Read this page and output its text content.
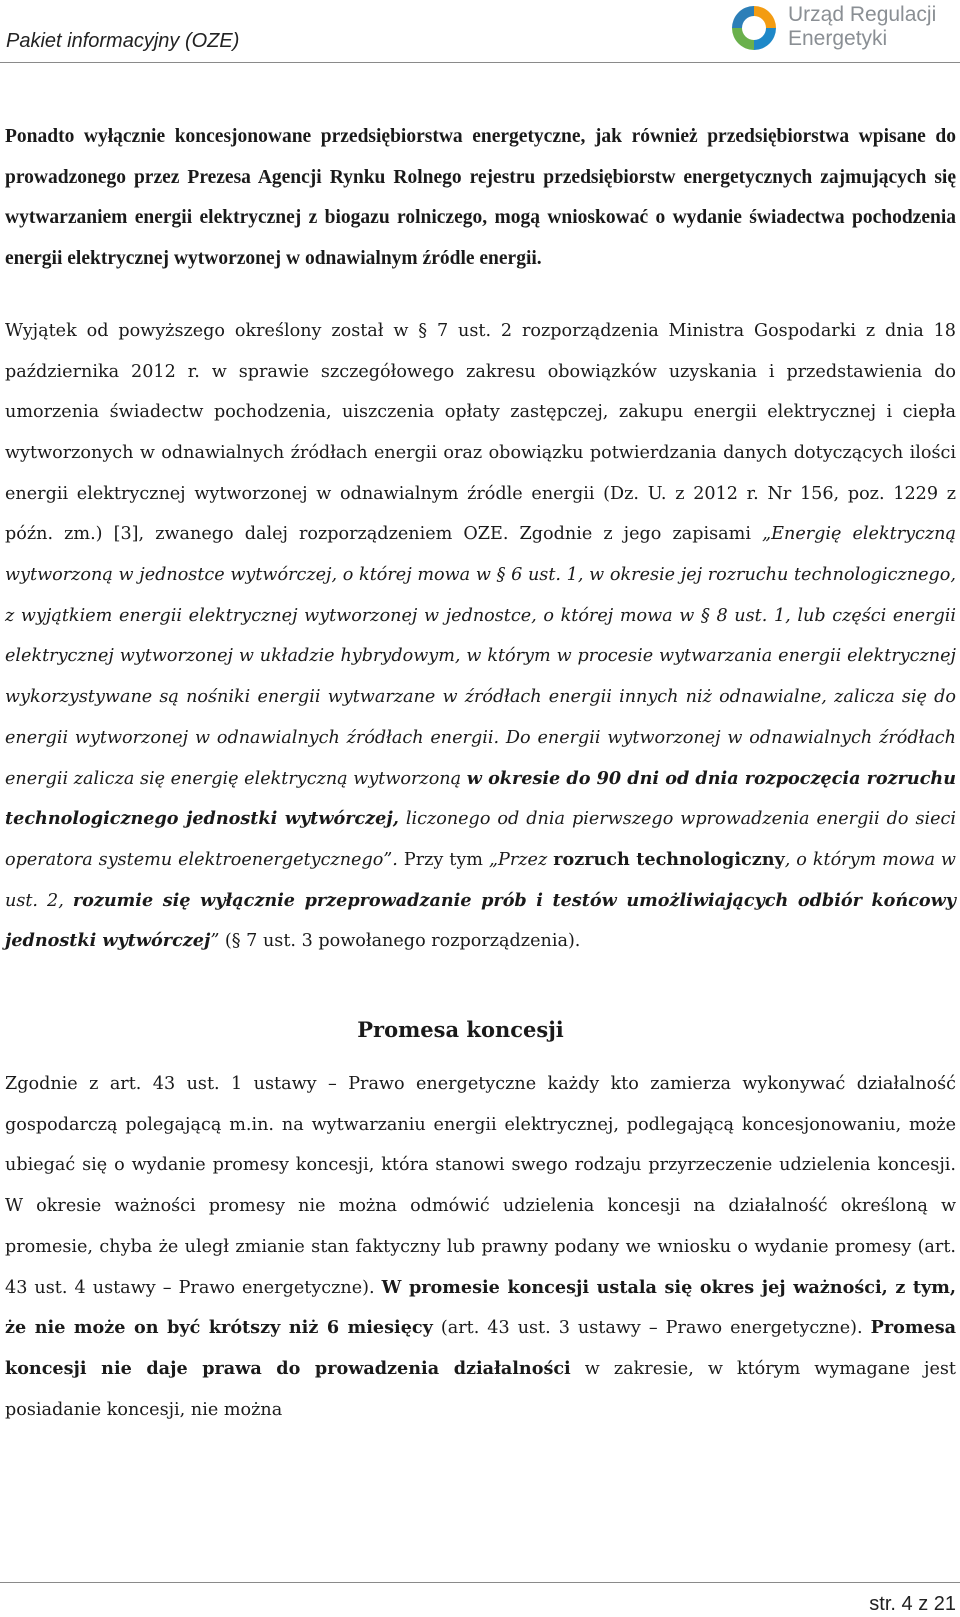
Pakiet informacyjny (OZE)
Urząd Regulacji
Energetyki

Ponadto wyłącznie koncesjonowane przedsiębiorstwa energetyczne, jak również przedsiębiorstwa wpisane do prowadzonego przez Prezesa Agencji Rynku Rolnego rejestru przedsiębiorstw energetycznych zajmujących się wytwarzaniem energii elektrycznej z biogazu rolniczego, mogą wnioskować o wydanie świadectwa pochodzenia energii elektrycznej wytworzonej w odnawialnym źródle energii.

Wyjątek od powyższego określony został w § 7 ust. 2 rozporządzenia Ministra Gospodarki z dnia 18 października 2012 r. w sprawie szczegółowego zakresu obowiązków uzyskania i przedstawienia do umorzenia świadectw pochodzenia, uiszczenia opłaty zastępczej, zakupu energii elektrycznej i ciepła wytworzonych w odnawialnych źródłach energii oraz obowiązku potwierdzania danych dotyczących ilości energii elektrycznej wytworzonej w odnawialnym źródle energii (Dz. U. z 2012 r. Nr 156, poz. 1229 z późn. zm.) [3], zwanego dalej rozporządzeniem OZE. Zgodnie z jego zapisami „Energię elektryczną wytworzoną w jednostce wytwórczej, o której mowa w § 6 ust. 1, w okresie jej rozruchu technologicznego, z wyjątkiem energii elektrycznej wytworzonej w jednostce, o której mowa w § 8 ust. 1, lub części energii elektrycznej wytworzonej w układzie hybrydowym, w którym w procesie wytwarzania energii elektrycznej wykorzystywane są nośniki energii wytwarzane w źródłach energii innych niż odnawialne, zalicza się do energii wytworzonej w odnawialnych źródłach energii. Do energii wytworzonej w odnawialnych źródłach energii zalicza się energię elektryczną wytworzoną w okresie do 90 dni od dnia rozpoczęcia rozruchu technologicznego jednostki wytwórczej, liczonego od dnia pierwszego wprowadzenia energii do sieci operatora systemu elektroenergetycznego”. Przy tym „Przez rozruch technologiczny, o którym mowa w ust. 2, rozumie się wyłącznie przeprowadzanie prób i testów umożliwiających odbiór końcowy jednostki wytwórczej” (§ 7 ust. 3 powołanego rozporządzenia).

Promesa koncesji

Zgodnie z art. 43 ust. 1 ustawy – Prawo energetyczne każdy kto zamierza wykonywać działalność gospodarczą polegającą m.in. na wytwarzaniu energii elektrycznej, podlegającą koncesjonowaniu, może ubiegać się o wydanie promesy koncesji, która stanowi swego rodzaju przyrzeczenie udzielenia koncesji. W okresie ważności promesy nie można odmówić udzielenia koncesji na działalność określoną w promesie, chyba że uległ zmianie stan faktyczny lub prawny podany we wniosku o wydanie promesy (art. 43 ust. 4 ustawy – Prawo energetyczne). W promesie koncesji ustala się okres jej ważności, z tym, że nie może on być krótszy niż 6 miesięcy (art. 43 ust. 3 ustawy – Prawo energetyczne). Promesa koncesji nie daje prawa do prowadzenia działalności w zakresie, w którym wymagane jest posiadanie koncesji, nie można

str. 4 z 21
